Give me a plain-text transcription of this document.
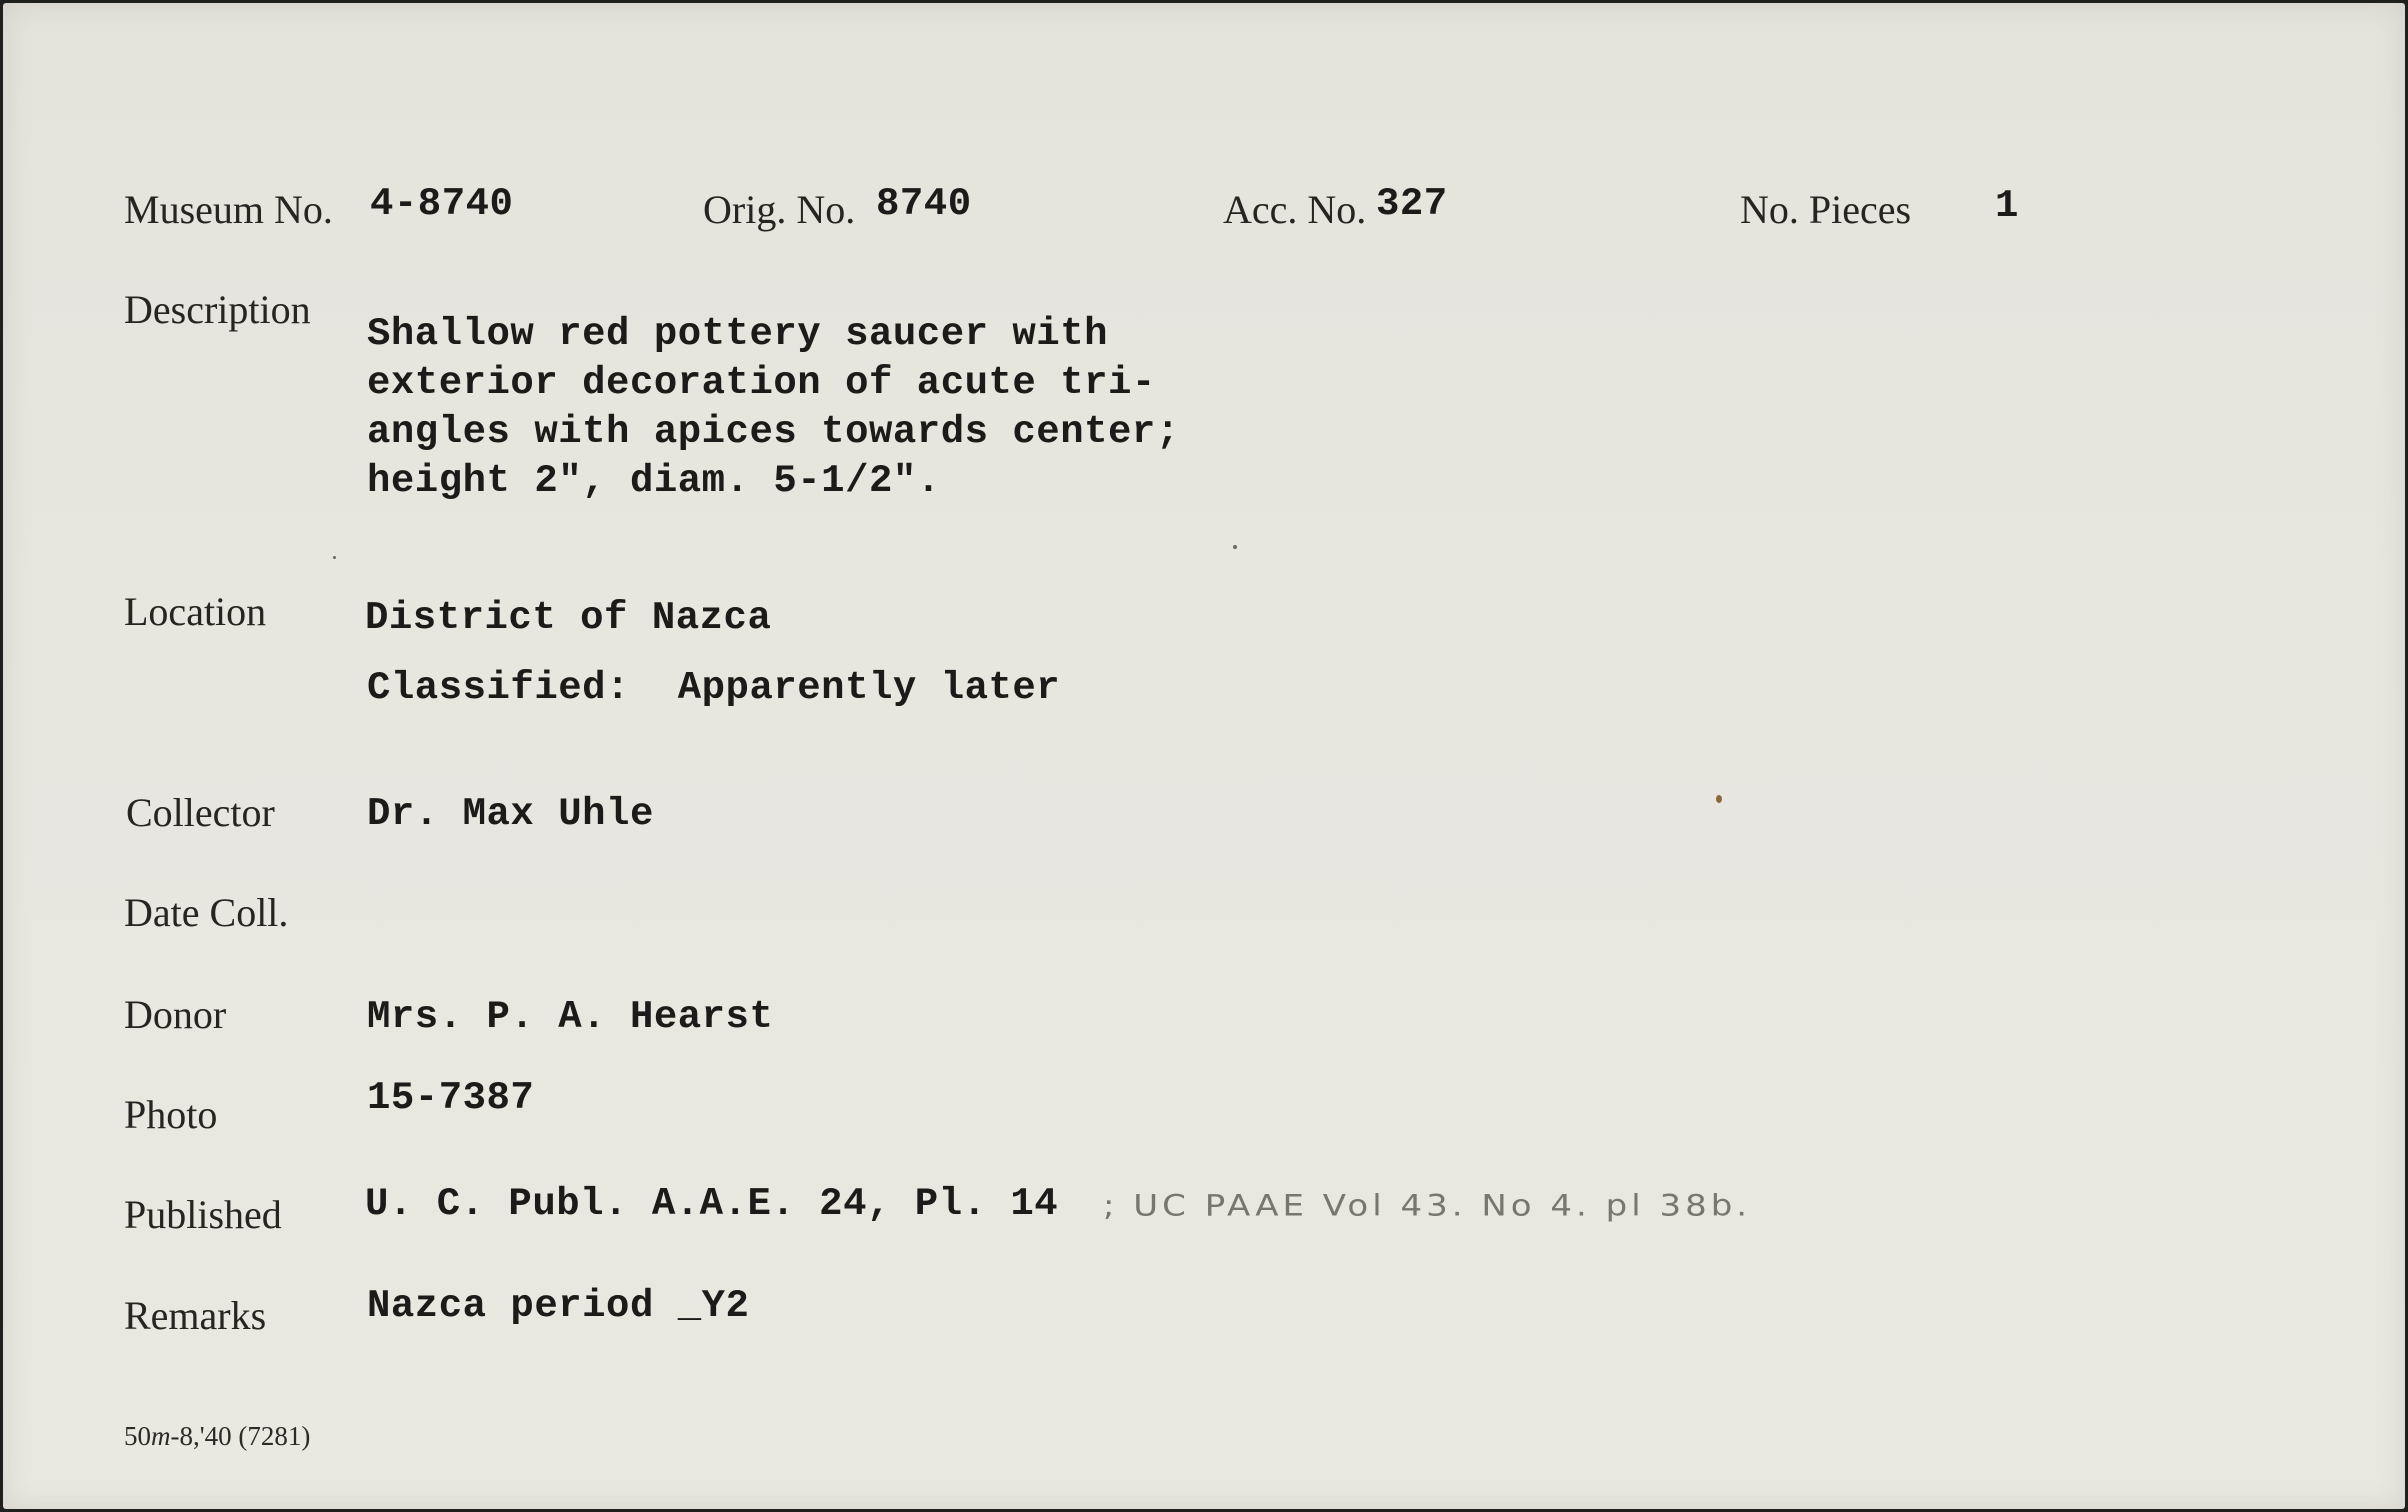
Museum No. 4-8740	Orig. No. 8740	Acc. No. 327	No. Pieces 1
Description
Shallow red pottery saucer with
exterior decoration of acute tri-
angles with apices towards center;
height 2", diam. 5-1/2".
Location	District of Nazca
Classified:  Apparently later
Collector Dr. Max Uhle
Date Coll.
Donor	Mrs. P. A. Hearst
Photo	15-7387
Published U. C. Publ. A.A.E. 24, Pl. 14 ; UC PAAE Vol 43. No 4. pl 38b.
Remarks	Nazca period _Y2
50m-8,'40 (7281)
